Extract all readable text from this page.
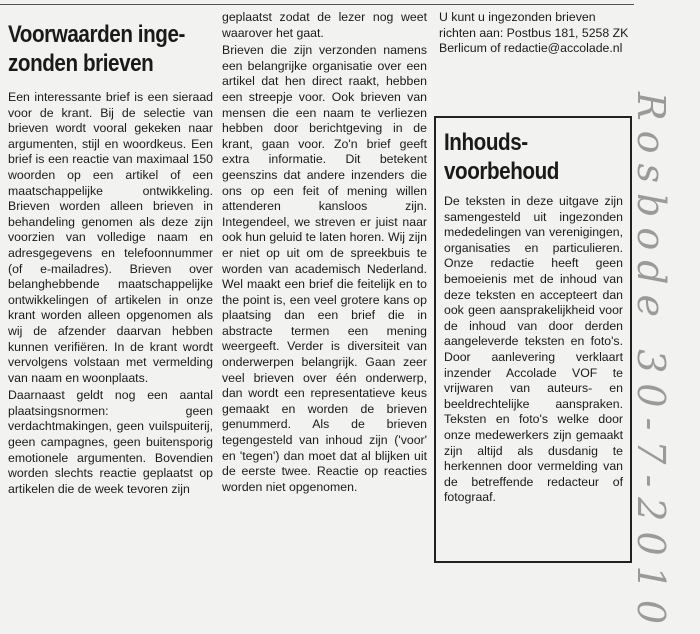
Voorwaarden inge-
zonden brieven

Een interessante brief is een sieraad voor de krant. Bij de selectie van brieven wordt vooral gekeken naar argumenten, stijl en woordkeus. Een brief is een reactie van maximaal 150 woorden op een artikel of een maatschappelijke ontwikkeling. Brieven worden alleen brieven in behandeling genomen als deze zijn voorzien van volledige naam en adresgegevens en telefoonnummer (of e-mailadres). Brieven over belanghebbende maatschappelijke ontwikkelingen of artikelen in onze krant worden alleen opgenomen als wij de afzender daarvan hebben kunnen verifiëren. In de krant wordt vervolgens volstaan met vermelding van naam en woonplaats.

Daarnaast geldt nog een aantal plaatsingsnormen: geen verdachtmakingen, geen vuilspuiterij, geen campagnes, geen buitensporig emotionele argumenten. Bovendien worden slechts reactie geplaatst op artikelen die de week tevoren zijn

geplaatst zodat de lezer nog weet waarover het gaat.

Brieven die zijn verzonden namens een belangrijke organisatie over een artikel dat hen direct raakt, hebben een streepje voor. Ook brieven van mensen die een naam te verliezen hebben door berichtgeving in de krant, gaan voor. Zo'n brief geeft extra informatie. Dit betekent geenszins dat andere inzenders die ons op een feit of mening willen attenderen kansloos zijn. Integendeel, we streven er juist naar ook hun geluid te laten horen. Wij zijn er niet op uit om de spreekbuis te worden van academisch Nederland. Wel maakt een brief die feitelijk en to the point is, een veel grotere kans op plaatsing dan een brief die in abstracte termen een mening weergeeft. Verder is diversiteit van onderwerpen belangrijk. Gaan zeer veel brieven over één onderwerp, dan wordt een representatieve keus gemaakt en worden de brieven genummerd. Als de brieven tegengesteld van inhoud zijn ('voor' en 'tegen') dan moet dat al blijken uit de eerste twee. Reactie op reacties worden niet opgenomen.

U kunt u ingezonden brieven richten aan: Postbus 181, 5258 ZK Berlicum of redactie@accolade.nl
Inhouds-
voorbehoud
De teksten in deze uitgave zijn samengesteld uit ingezonden mededelingen van verenigingen, organisaties en particulieren. Onze redactie heeft geen bemoeienis met de inhoud van deze teksten en accepteert dan ook geen aansprakelijkheid voor de inhoud van door derden aangeleverde teksten en foto's. Door aanlevering verklaart inzender Accolade VOF te vrijwaren van auteurs- en beeldrechtelijke aanspraken. Teksten en foto's welke door onze medewerkers zijn gemaakt zijn altijd als dusdanig te herkennen door vermelding van de betreffende redacteur of fotograaf.	Rosbode 30-7-2010
